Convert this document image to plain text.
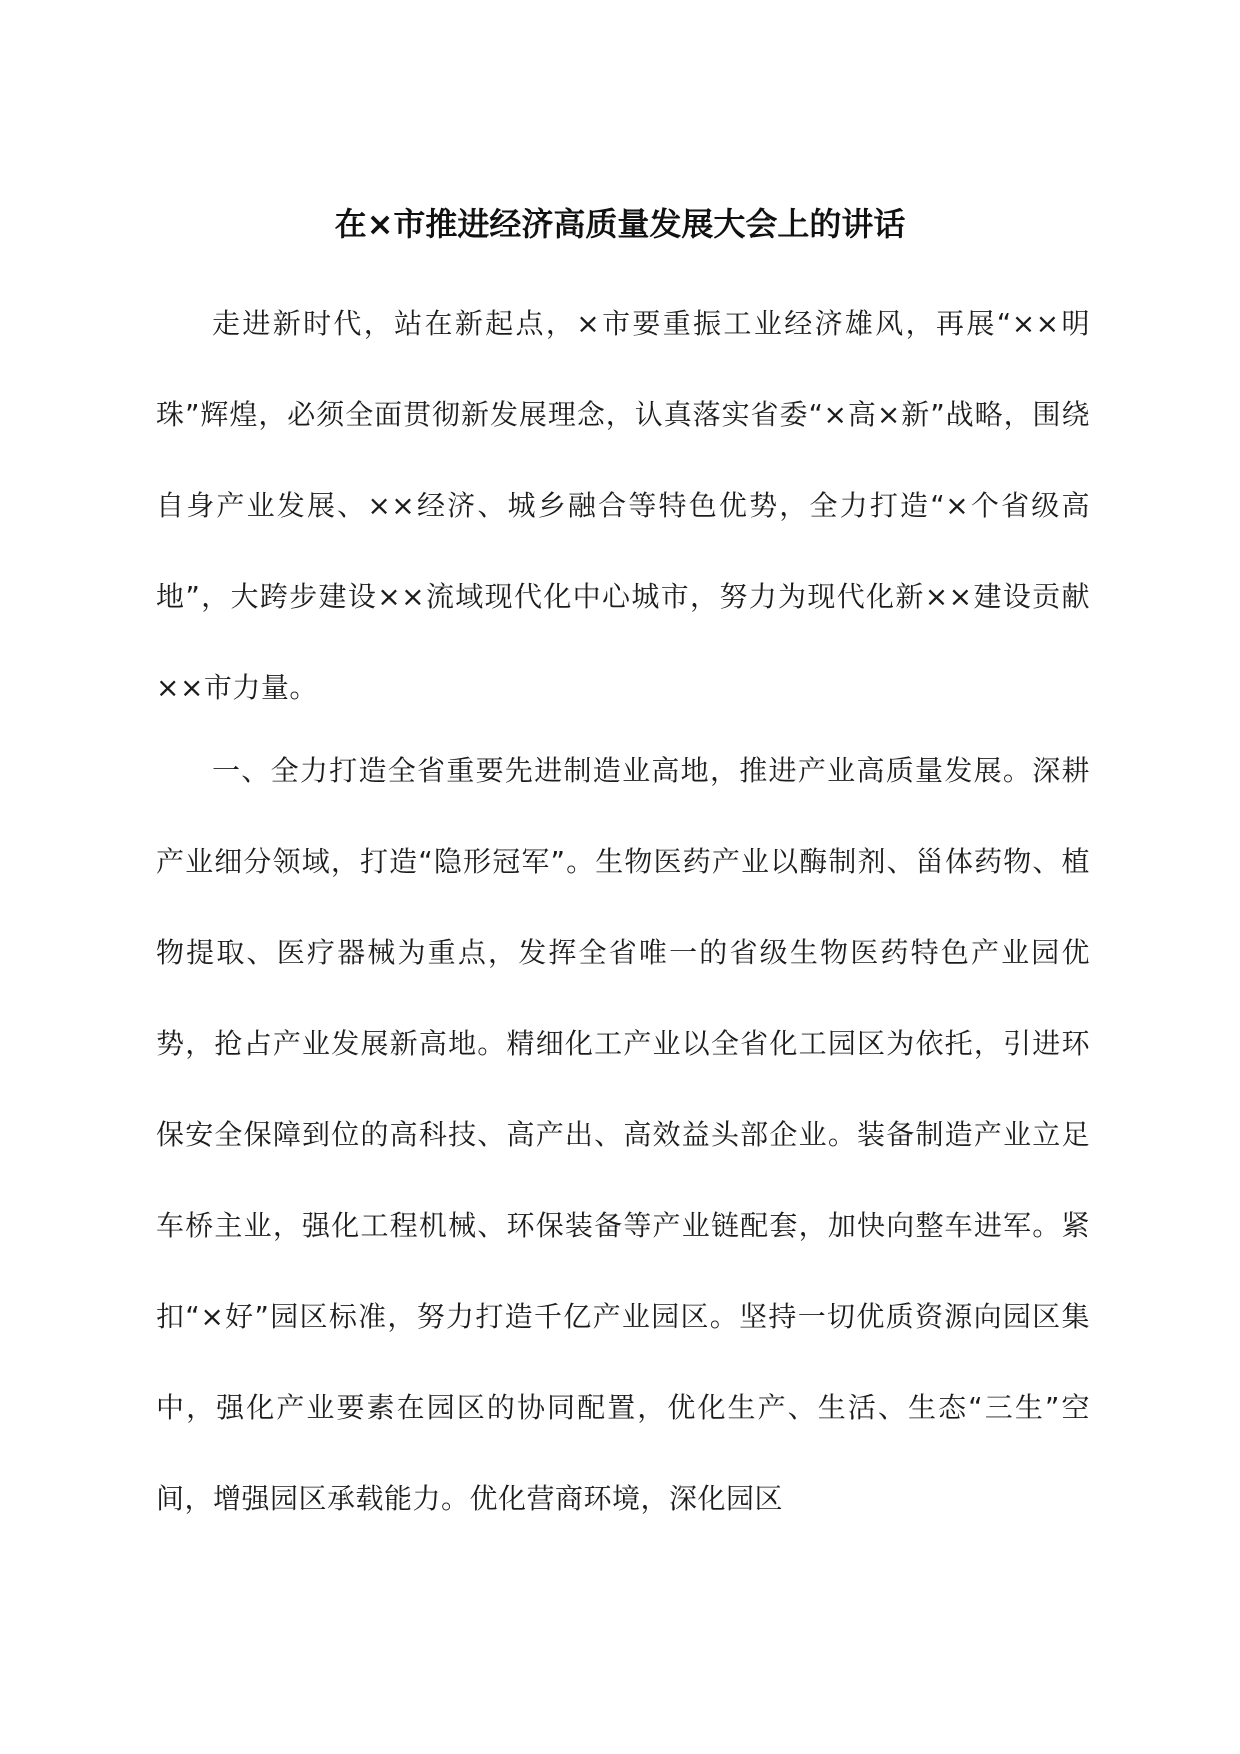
在×市推进经济高质量发展大会上的讲话

走进新时代，站在新起点，×市要重振工业经济雄风，再展“××明珠”辉煌，必须全面贯彻新发展理念，认真落实省委“×高×新”战略，围绕自身产业发展、××经济、城乡融合等特色优势，全力打造“×个省级高地”，大跨步建设××流域现代化中心城市，努力为现代化新××建设贡献××市力量。

一、全力打造全省重要先进制造业高地，推进产业高质量发展。深耕产业细分领域，打造“隐形冠军”。生物医药产业以酶制剂、甾体药物、植物提取、医疗器械为重点，发挥全省唯一的省级生物医药特色产业园优势，抢占产业发展新高地。精细化工产业以全省化工园区为依托，引进环保安全保障到位的高科技、高产出、高效益头部企业。装备制造产业立足车桥主业，强化工程机械、环保装备等产业链配套，加快向整车进军。紧扣“×好”园区标准，努力打造千亿产业园区。坚持一切优质资源向园区集中，强化产业要素在园区的协同配置，优化生产、生活、生态“三生”空间，增强园区承载能力。优化营商环境，深化园区
